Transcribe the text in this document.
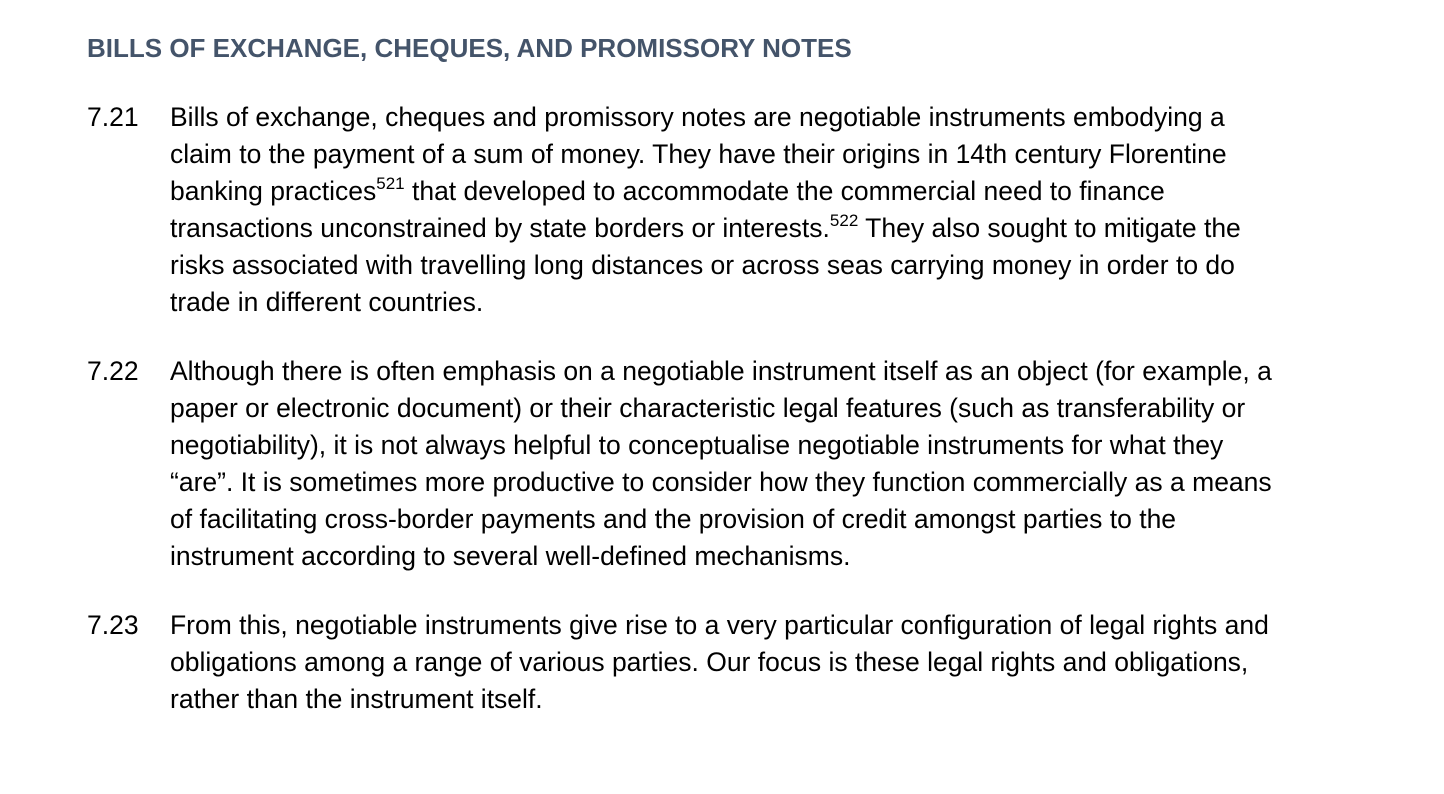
BILLS OF EXCHANGE, CHEQUES, AND PROMISSORY NOTES
7.21 Bills of exchange, cheques and promissory notes are negotiable instruments embodying a claim to the payment of a sum of money. They have their origins in 14th century Florentine banking practices$^{521}$ that developed to accommodate the commercial need to finance transactions unconstrained by state borders or interests.$^{522}$ They also sought to mitigate the risks associated with travelling long distances or across seas carrying money in order to do trade in different countries.
7.22 Although there is often emphasis on a negotiable instrument itself as an object (for example, a paper or electronic document) or their characteristic legal features (such as transferability or negotiability), it is not always helpful to conceptualise negotiable instruments for what they “are”. It is sometimes more productive to consider how they function commercially as a means of facilitating cross-border payments and the provision of credit amongst parties to the instrument according to several well-defined mechanisms.
7.23 From this, negotiable instruments give rise to a very particular configuration of legal rights and obligations among a range of various parties. Our focus is these legal rights and obligations, rather than the instrument itself.
